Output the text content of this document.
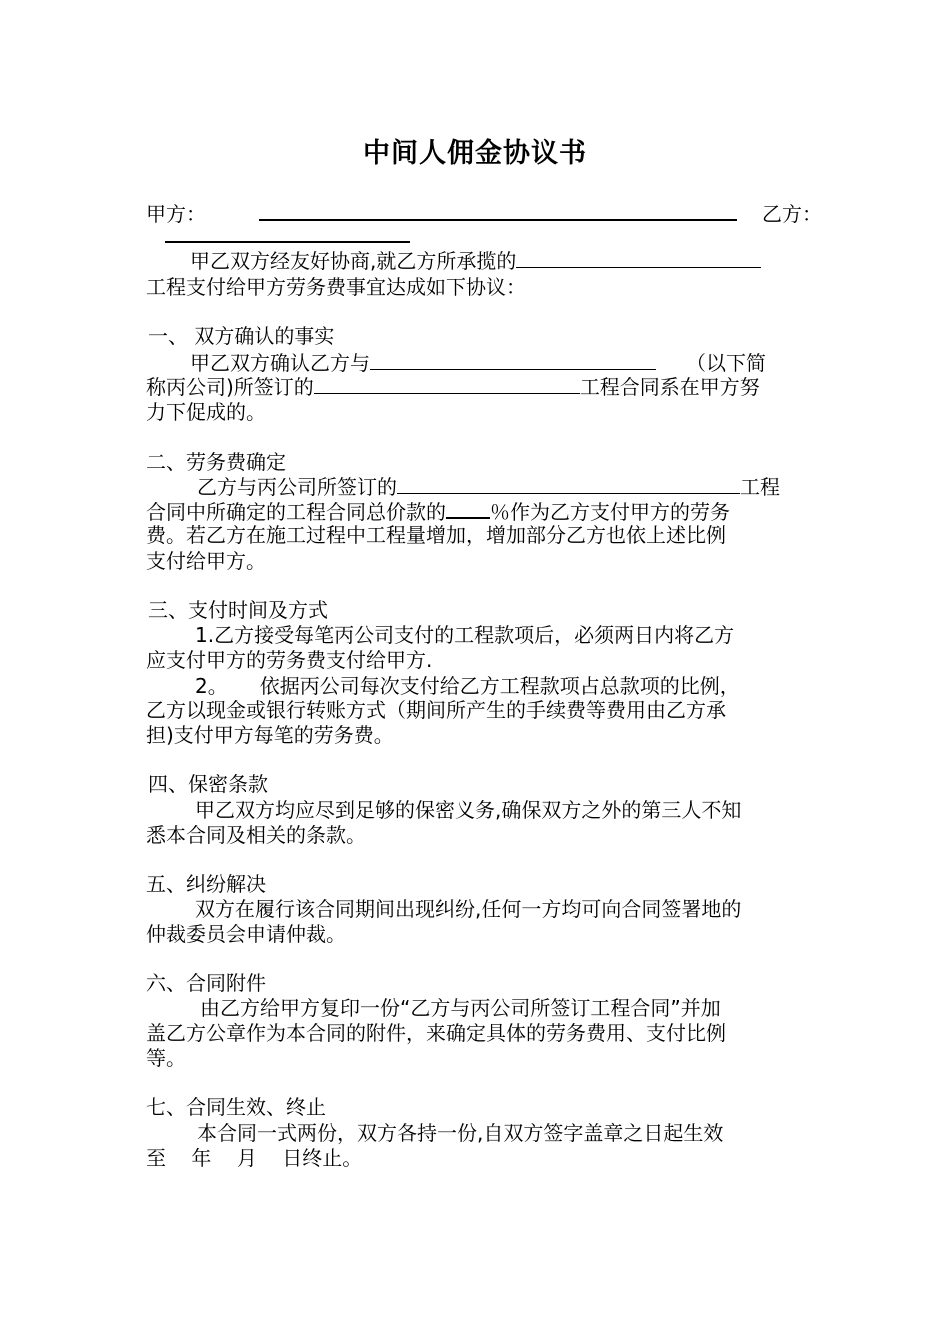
中间人佣金协议书
甲方：	乙方：
甲乙双方经友好协商,就乙方所承揽的
工程支付给甲方劳务费事宜达成如下协议：
一、 双方确认的事实
甲乙双方确认乙方与	（以下简
称丙公司)所签订的	工程合同系在甲方努
力下促成的。
二、劳务费确定
乙方与丙公司所签订的	工程
合同中所确定的工程合同总价款的 ％作为乙方支付甲方的劳务
费。若乙方在施工过程中工程量增加，增加部分乙方也依上述比例
支付给甲方。
三、支付时间及方式
1.乙方接受每笔丙公司支付的工程款项后，必须两日内将乙方
应支付甲方的劳务费支付给甲方.
2。 依据丙公司每次支付给乙方工程款项占总款项的比例，
乙方以现金或银行转账方式（期间所产生的手续费等费用由乙方承
担)支付甲方每笔的劳务费。
四、保密条款
甲乙双方均应尽到足够的保密义务,确保双方之外的第三人不知
悉本合同及相关的条款。
五、纠纷解决
双方在履行该合同期间出现纠纷,任何一方均可向合同签署地的
仲裁委员会申请仲裁。
六、合同附件
由乙方给甲方复印一份“乙方与丙公司所签订工程合同”并加
盖乙方公章作为本合同的附件，来确定具体的劳务费用、支付比例
等。
七、合同生效、终止
本合同一式两份，双方各持一份,自双方签字盖章之日起生效
至    年    月    日终止。
